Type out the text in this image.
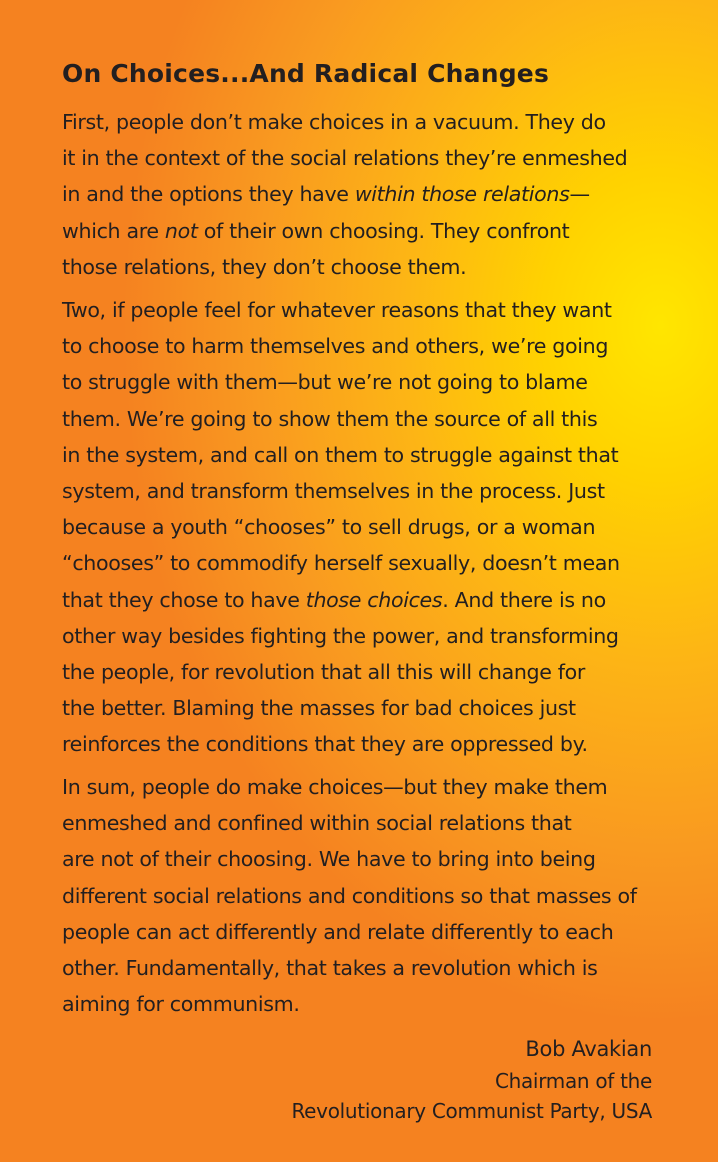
On Choices...And Radical Changes
First, people don’t make choices in a vacuum. They do
it in the context of the social relations they’re enmeshed
in and the options they have within those relations—
which are not of their own choosing. They confront
those relations, they don’t choose them.
Two, if people feel for whatever reasons that they want
to choose to harm themselves and others, we’re going
to struggle with them—but we’re not going to blame
them. We’re going to show them the source of all this
in the system, and call on them to struggle against that
system, and transform themselves in the process. Just
because a youth “chooses” to sell drugs, or a woman
“chooses” to commodify herself sexually, doesn’t mean
that they chose to have those choices. And there is no
other way besides fighting the power, and transforming
the people, for revolution that all this will change for
the better. Blaming the masses for bad choices just
reinforces the conditions that they are oppressed by.
In sum, people do make choices—but they make them
enmeshed and confined within social relations that
are not of their choosing. We have to bring into being
different social relations and conditions so that masses of
people can act differently and relate differently to each
other. Fundamentally, that takes a revolution which is
aiming for communism.
Bob Avakian
Chairman of the
Revolutionary Communist Party, USA
